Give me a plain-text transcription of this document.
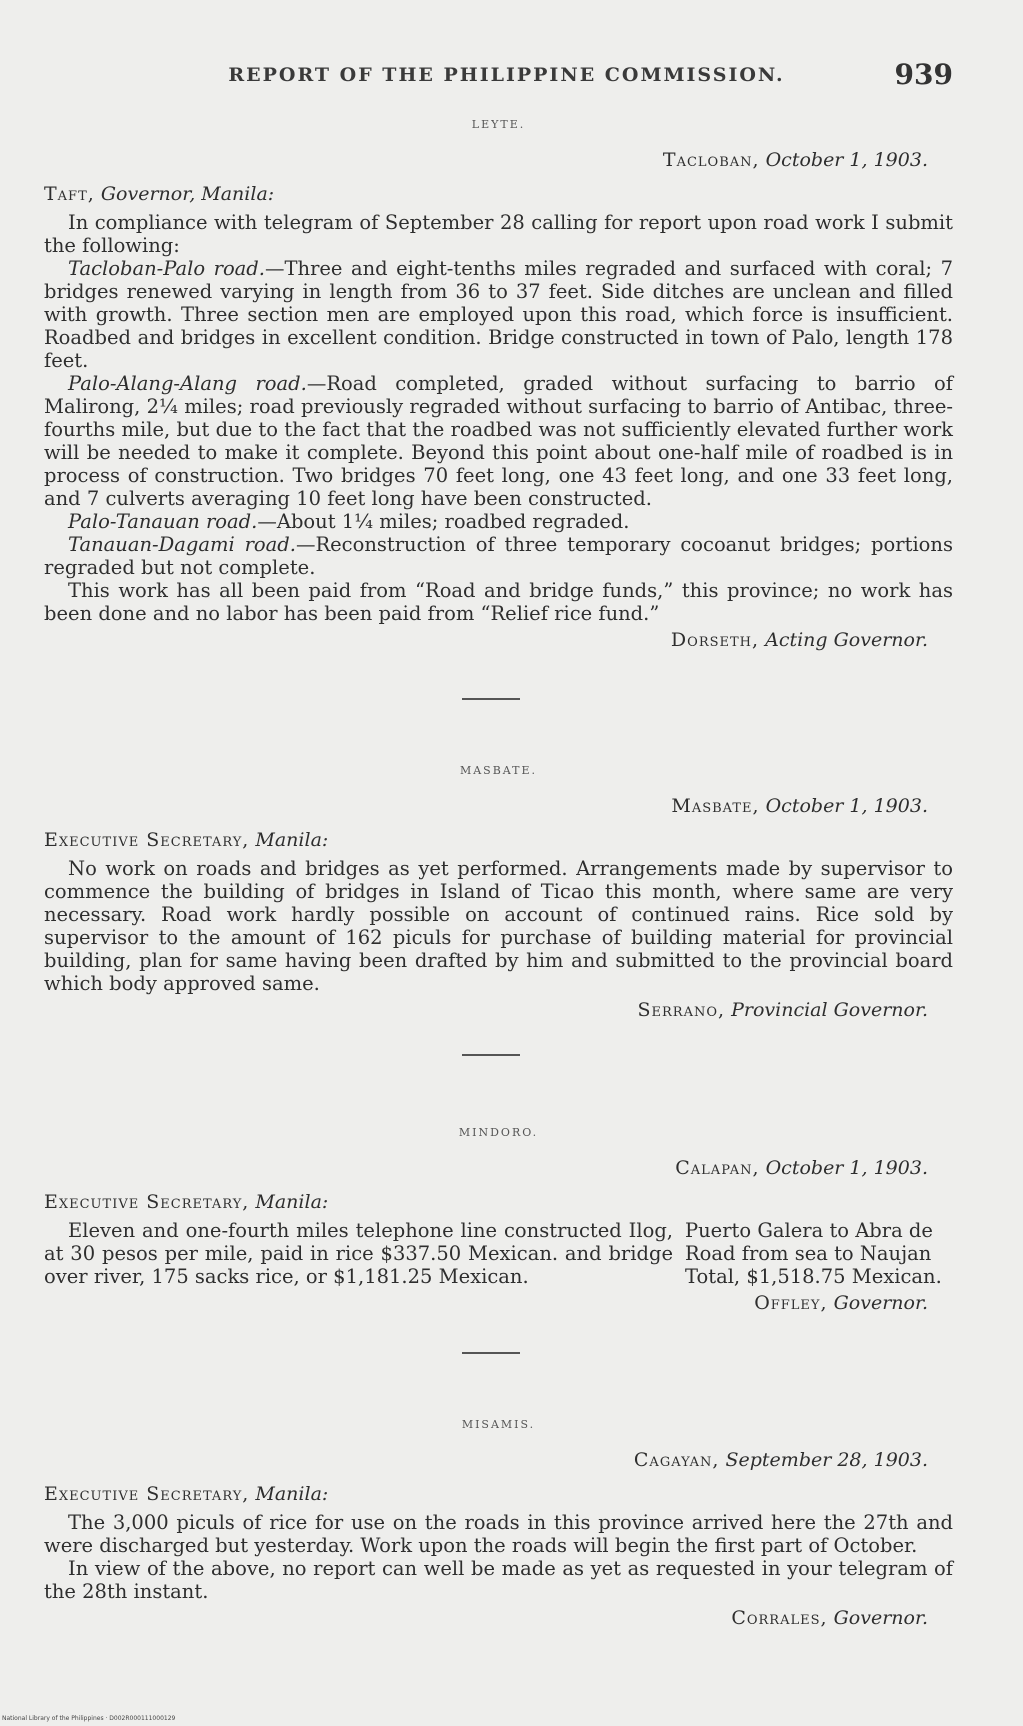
REPORT OF THE PHILIPPINE COMMISSION.	939
LEYTE.
Tacloban, October 1, 1903.
Taft, Governor, Manila:

In compliance with telegram of September 28 calling for report upon road work I submit the following:

Tacloban-Palo road.—Three and eight-tenths miles regraded and surfaced with coral; 7 bridges renewed varying in length from 36 to 37 feet. Side ditches are unclean and filled with growth. Three section men are employed upon this road, which force is insufficient. Roadbed and bridges in excellent condition. Bridge constructed in town of Palo, length 178 feet.

Palo-Alang-Alang road.—Road completed, graded without surfacing to barrio of Malirong, 2¼ miles; road previously regraded without surfacing to barrio of Antibac, three-fourths mile, but due to the fact that the roadbed was not sufficiently elevated further work will be needed to make it complete. Beyond this point about one-half mile of roadbed is in process of construction. Two bridges 70 feet long, one 43 feet long, and one 33 feet long, and 7 culverts averaging 10 feet long have been constructed.

Palo-Tanauan road.—About 1¼ miles; roadbed regraded.

Tanauan-Dagami road.—Reconstruction of three temporary cocoanut bridges; portions regraded but not complete.

This work has all been paid from “Road and bridge funds,” this province; no work has been done and no labor has been paid from “Relief rice fund.”

Dorseth, Acting Governor.
MASBATE.
Masbate, October 1, 1903.
Executive Secretary, Manila:

No work on roads and bridges as yet performed. Arrangements made by supervisor to commence the building of bridges in Island of Ticao this month, where same are very necessary. Road work hardly possible on account of continued rains. Rice sold by supervisor to the amount of 162 piculs for purchase of building material for provincial building, plan for same having been drafted by him and submitted to the provincial board which body approved same.

Serrano, Provincial Governor.
MINDORO.
Calapan, October 1, 1903.
Executive Secretary, Manila:

Eleven and one-fourth miles telephone line constructed Ilog, at 30 pesos per mile, paid in rice $337.50 Mexican. and bridge over river, 175 sacks rice, or $1,181.25 Mexican.

Puerto Galera to Abra de Road from sea to Naujan Total, $1,518.75 Mexican.
Offley, Governor.
MISAMIS.
Cagayan, September 28, 1903.
Executive Secretary, Manila:

The 3,000 piculs of rice for use on the roads in this province arrived here the 27th and were discharged but yesterday. Work upon the roads will begin the first part of October.

In view of the above, no report can well be made as yet as requested in your telegram of the 28th instant.

Corrales, Governor.
National Library of the Philippines · D002R000111000129
